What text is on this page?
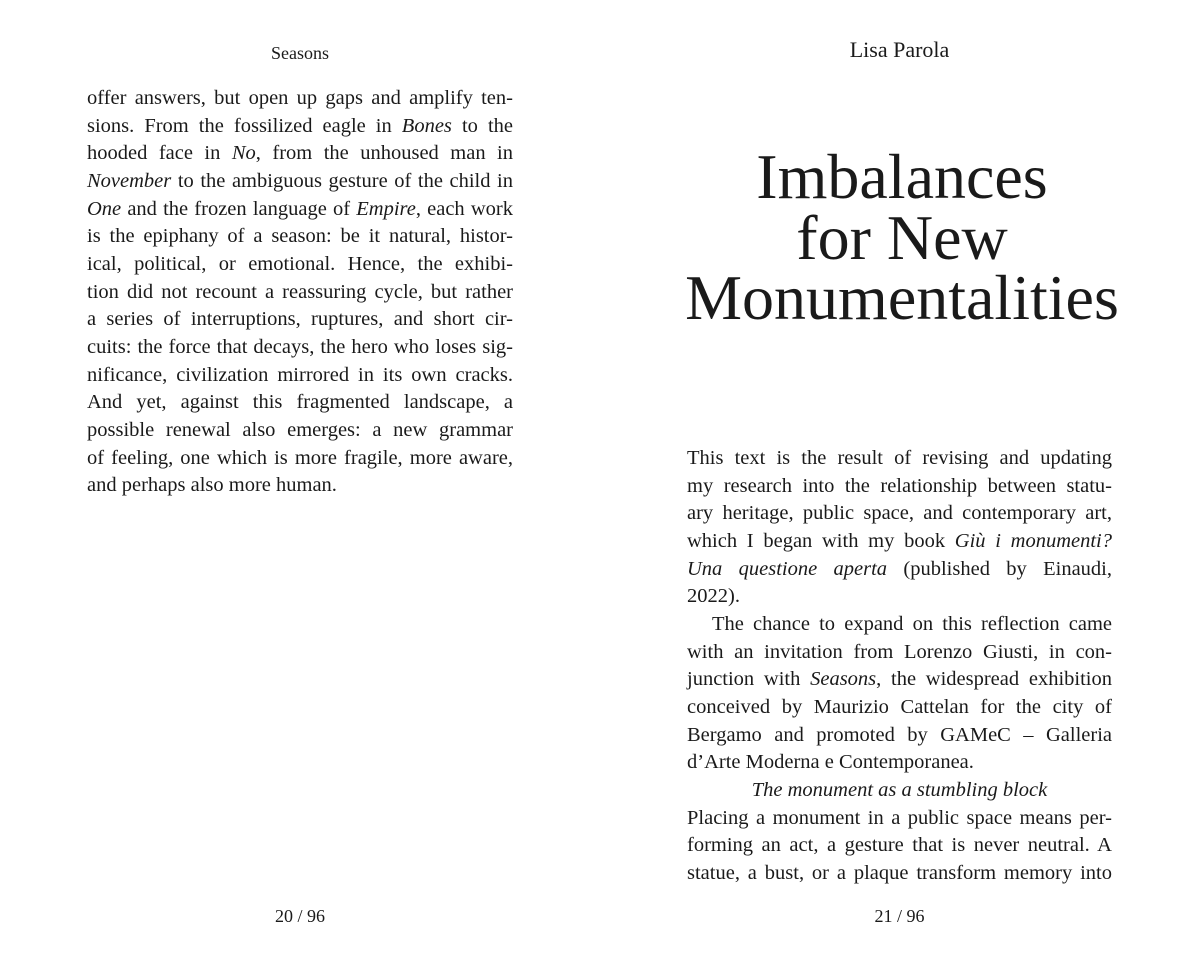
Seasons
offer answers, but open up gaps and amplify ten-
sions. From the fossilized eagle in Bones to the
hooded face in No, from the unhoused man in
November to the ambiguous gesture of the child in
One and the frozen language of Empire, each work
is the epiphany of a season: be it natural, histor-
ical, political, or emotional. Hence, the exhibi-
tion did not recount a reassuring cycle, but rather
a series of interruptions, ruptures, and short cir-
cuits: the force that decays, the hero who loses sig-
nificance, civilization mirrored in its own cracks.
And yet, against this fragmented landscape, a
possible renewal also emerges: a new grammar
of feeling, one which is more fragile, more aware,
and perhaps also more human.
20 / 96
Lisa Parola
Imbalances
for New
Monumentalities
This text is the result of revising and updating
my research into the relationship between statu-
ary heritage, public space, and contemporary art,
which I began with my book Giù i monumenti?
Una questione aperta (published by Einaudi, 2022).
The chance to expand on this reflection came
with an invitation from Lorenzo Giusti, in con-
junction with Seasons, the widespread exhibition
conceived by Maurizio Cattelan for the city of
Bergamo and promoted by GAMeC – Galleria
d’Arte Moderna e Contemporanea.
The monument as a stumbling block
Placing a monument in a public space means per-
forming an act, a gesture that is never neutral. A
statue, a bust, or a plaque transform memory into
21 / 96
